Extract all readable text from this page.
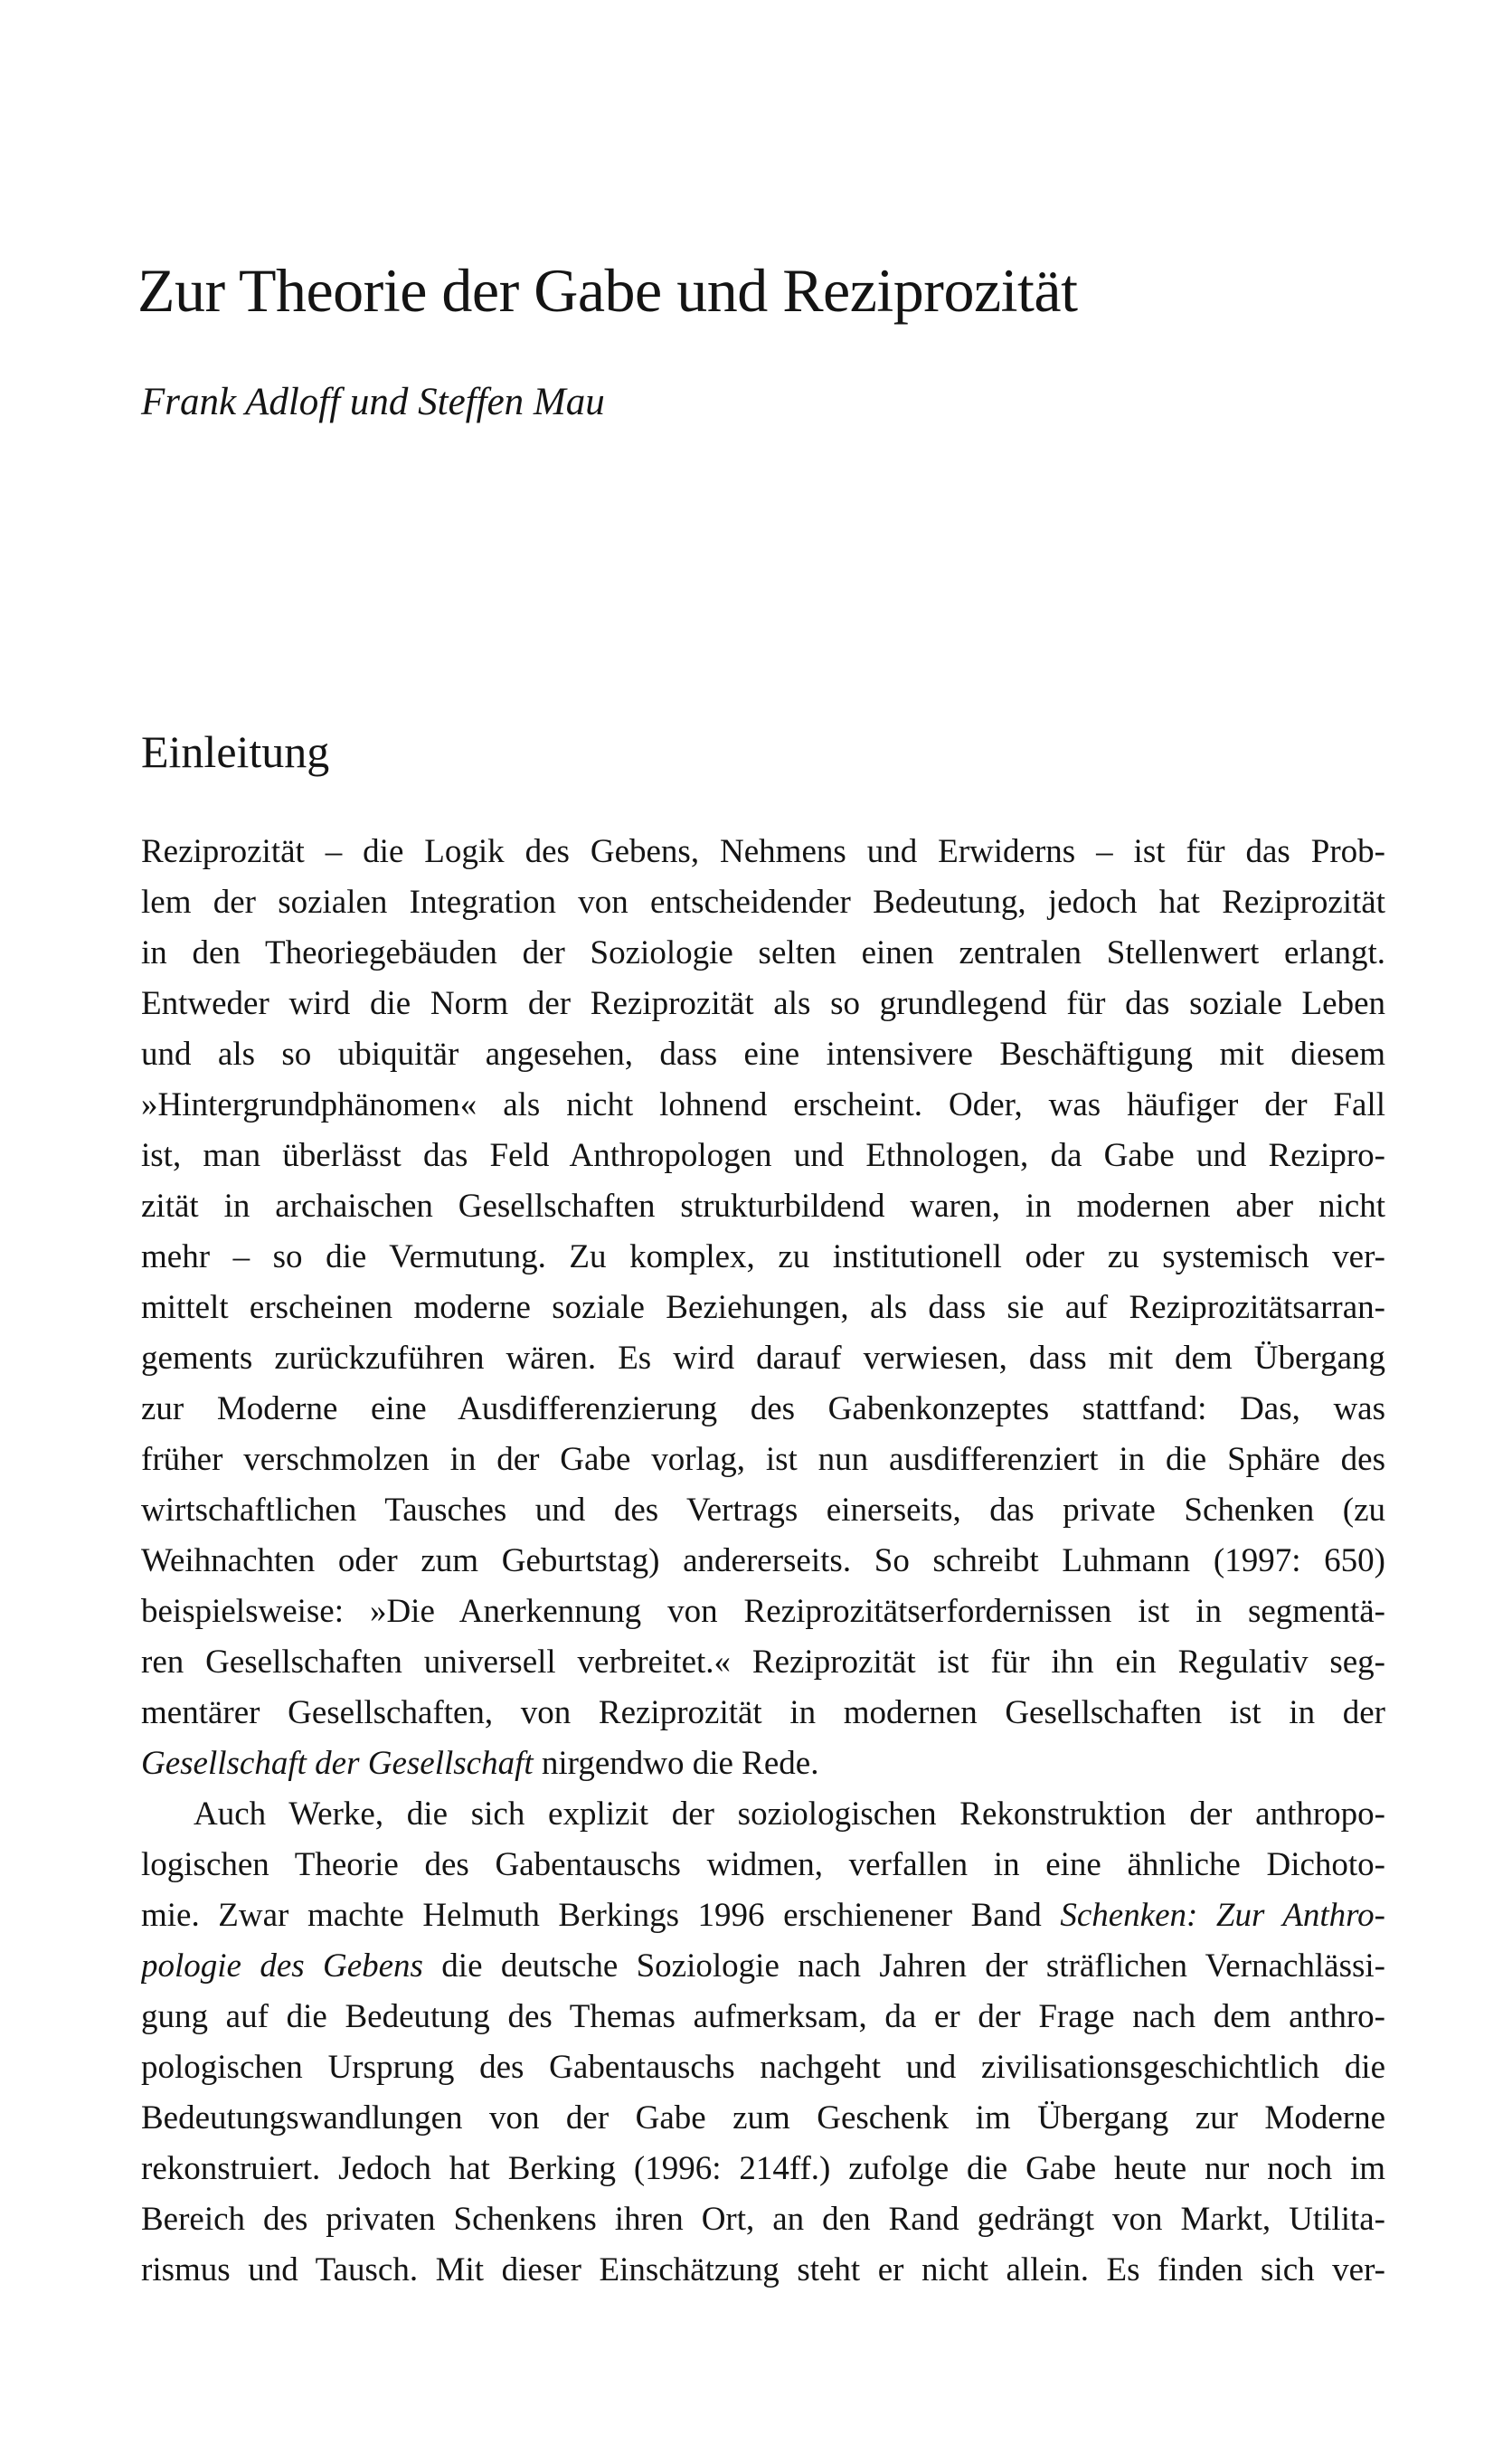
Zur Theorie der Gabe und Reziprozität

Frank Adloff und Steffen Mau

Einleitung
Reziprozität – die Logik des Gebens, Nehmens und Erwiderns – ist für das Prob-
lem der sozialen Integration von entscheidender Bedeutung, jedoch hat Reziprozität
in den Theoriegebäuden der Soziologie selten einen zentralen Stellenwert erlangt.
Entweder wird die Norm der Reziprozität als so grundlegend für das soziale Leben
und als so ubiquitär angesehen, dass eine intensivere Beschäftigung mit diesem
»Hintergrundphänomen« als nicht lohnend erscheint. Oder, was häufiger der Fall
ist, man überlässt das Feld Anthropologen und Ethnologen, da Gabe und Rezipro-
zität in archaischen Gesellschaften strukturbildend waren, in modernen aber nicht
mehr – so die Vermutung. Zu komplex, zu institutionell oder zu systemisch ver-
mittelt erscheinen moderne soziale Beziehungen, als dass sie auf Reziprozitätsarran-
gements zurückzuführen wären. Es wird darauf verwiesen, dass mit dem Übergang
zur Moderne eine Ausdifferenzierung des Gabenkonzeptes stattfand: Das, was
früher verschmolzen in der Gabe vorlag, ist nun ausdifferenziert in die Sphäre des
wirtschaftlichen Tausches und des Vertrags einerseits, das private Schenken (zu
Weihnachten oder zum Geburtstag) andererseits. So schreibt Luhmann (1997: 650)
beispielsweise: »Die Anerkennung von Reziprozitätserfordernissen ist in segmentä-
ren Gesellschaften universell verbreitet.« Reziprozität ist für ihn ein Regulativ seg-
mentärer Gesellschaften, von Reziprozität in modernen Gesellschaften ist in der
Gesellschaft der Gesellschaft nirgendwo die Rede.
Auch Werke, die sich explizit der soziologischen Rekonstruktion der anthropo-
logischen Theorie des Gabentauschs widmen, verfallen in eine ähnliche Dichoto-
mie. Zwar machte Helmuth Berkings 1996 erschienener Band Schenken: Zur Anthro-
pologie des Gebens die deutsche Soziologie nach Jahren der sträflichen Vernachlässi-
gung auf die Bedeutung des Themas aufmerksam, da er der Frage nach dem anthro-
pologischen Ursprung des Gabentauschs nachgeht und zivilisationsgeschichtlich die
Bedeutungswandlungen von der Gabe zum Geschenk im Übergang zur Moderne
rekonstruiert. Jedoch hat Berking (1996: 214ff.) zufolge die Gabe heute nur noch im
Bereich des privaten Schenkens ihren Ort, an den Rand gedrängt von Markt, Utilita-
rismus und Tausch. Mit dieser Einschätzung steht er nicht allein. Es finden sich ver-
